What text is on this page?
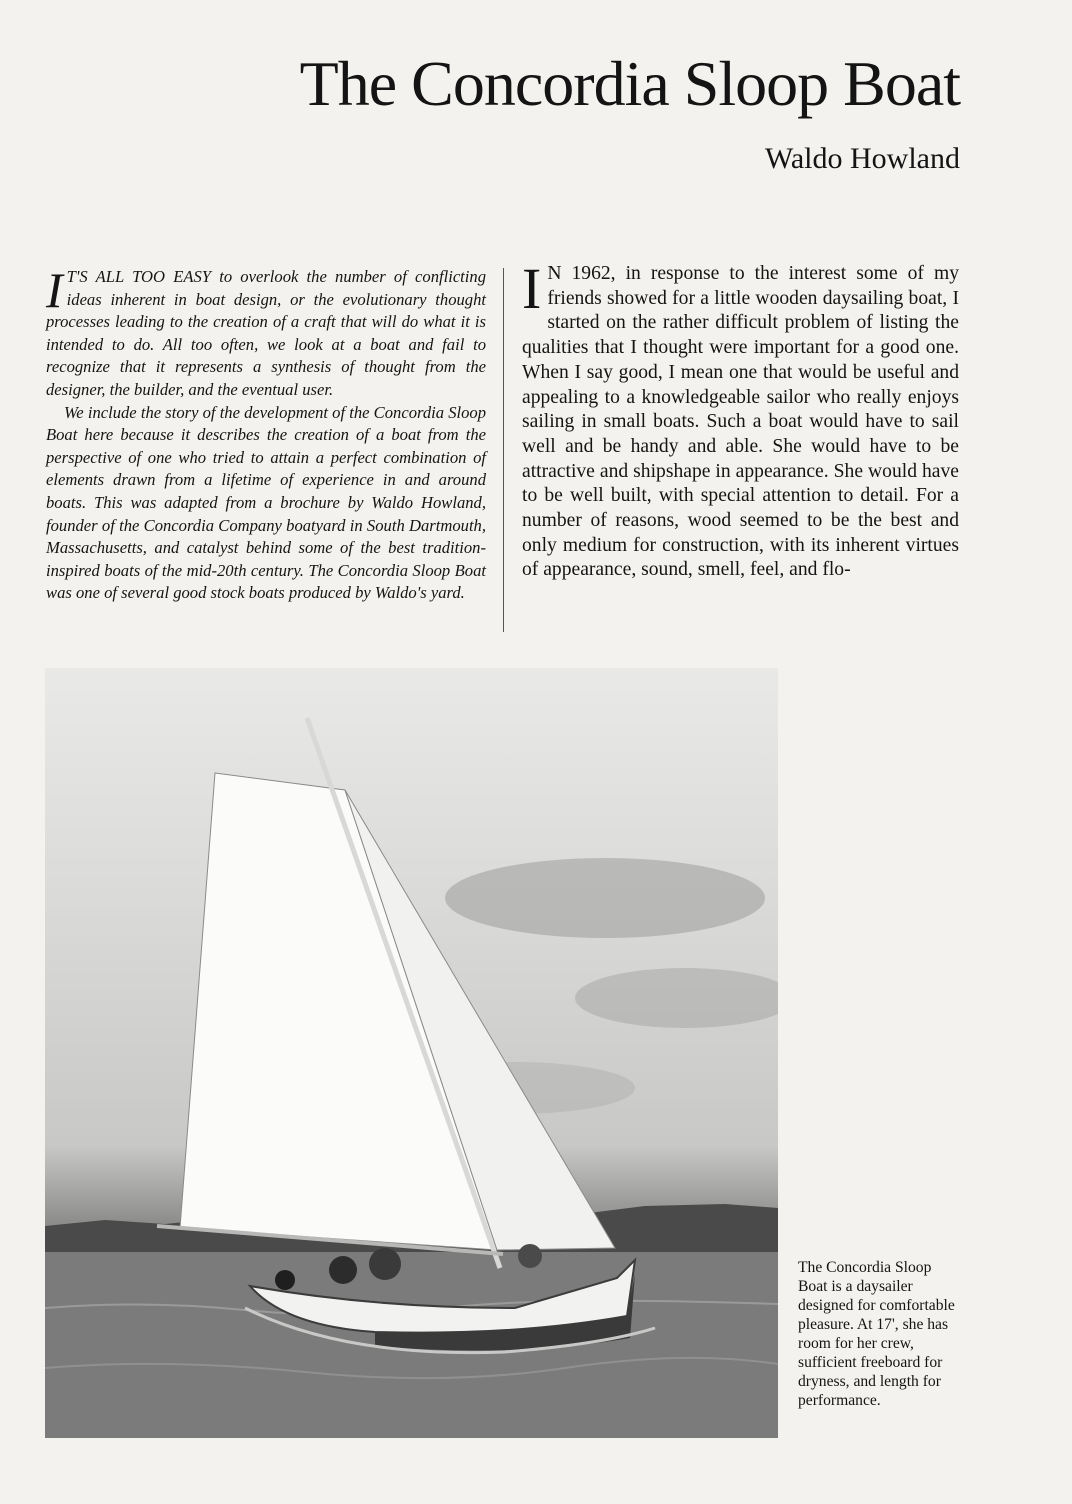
The Concordia Sloop Boat
Waldo Howland

I T'S ALL TOO EASY to overlook the number of conflicting ideas inherent in boat design, or the evolutionary thought processes leading to the creation of a craft that will do what it is intended to do. All too often, we look at a boat and fail to recognize that it represents a synthesis of thought from the designer, the builder, and the eventual user.

We include the story of the development of the Concordia Sloop Boat here because it describes the creation of a boat from the perspective of one who tried to attain a perfect combination of elements drawn from a lifetime of experience in and around boats. This was adapted from a brochure by Waldo Howland, founder of the Concordia Company boatyard in South Dartmouth, Massachusetts, and catalyst behind some of the best tradition-inspired boats of the mid-20th century. The Concordia Sloop Boat was one of several good stock boats produced by Waldo's yard.

I N 1962, in response to the interest some of my friends showed for a little wooden daysailing boat, I started on the rather difficult problem of listing the qualities that I thought were important for a good one. When I say good, I mean one that would be useful and appealing to a knowledgeable sailor who really enjoys sailing in small boats. Such a boat would have to sail well and be handy and able. She would have to be attractive and shipshape in appearance. She would have to be well built, with special attention to detail. For a number of reasons, wood seemed to be the best and only medium for construction, with its inherent virtues of appearance, sound, smell, feel, and flo-

The Concordia Sloop Boat is a daysailer designed for comfortable pleasure. At 17', she has room for her crew, sufficient freeboard for dryness, and length for performance.
